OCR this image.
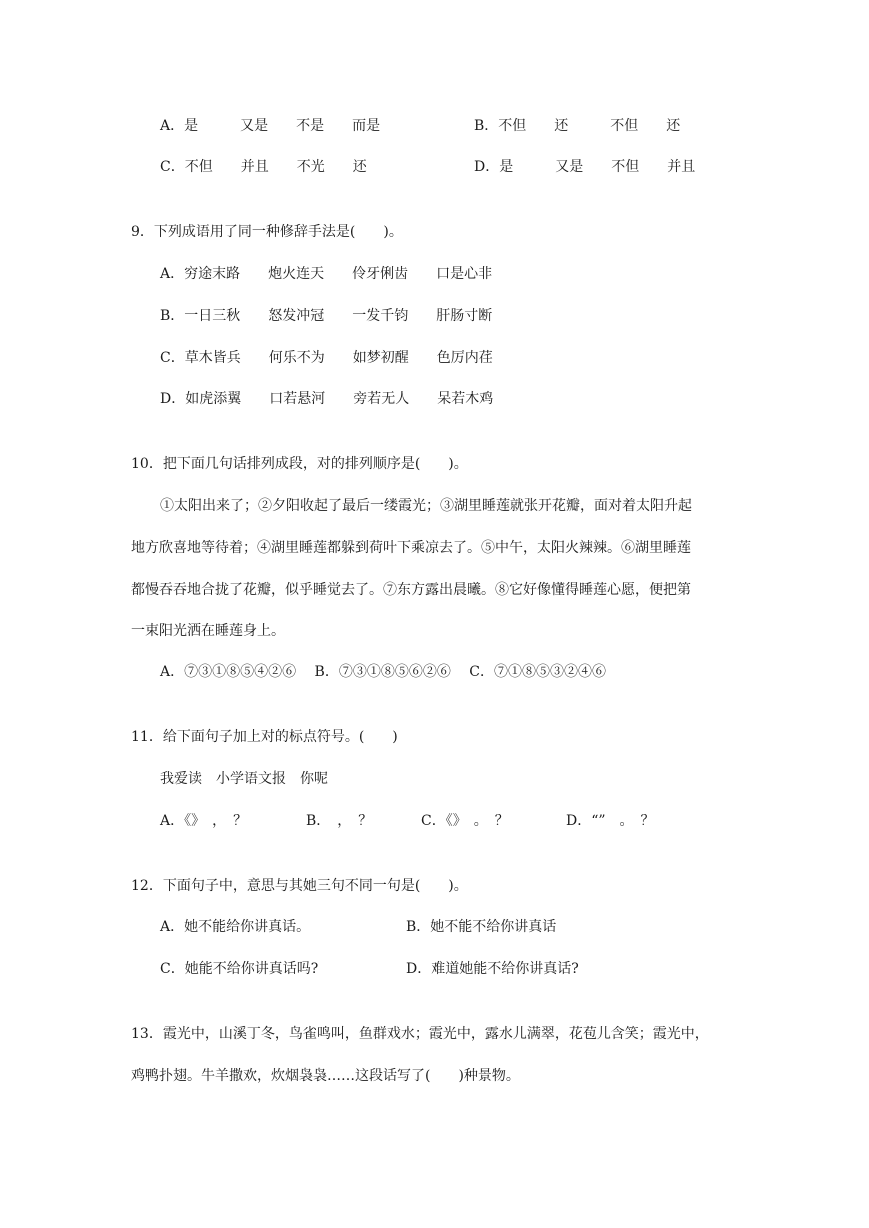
A．是　　　又是　　不是　　而是	B．不但　　还　　　不但　　还
C．不但　　并且　　不光　　还	D．是　　　又是　　不但　　并且
9．下列成语用了同一种修辞手法是(　　)。
A．穷途末路　　炮火连天　　伶牙俐齿　　口是心非
B．一日三秋　　怒发冲冠　　一发千钧　　肝肠寸断
C．草木皆兵　　何乐不为　　如梦初醒　　色厉内荏
D．如虎添翼　　口若悬河　　旁若无人　　呆若木鸡
10．把下面几句话排列成段，对的排列顺序是(　　)。
①太阳出来了；②夕阳收起了最后一缕霞光；③湖里睡莲就张开花瓣，面对着太阳升起
地方欣喜地等待着；④湖里睡莲都躲到荷叶下乘凉去了。⑤中午，太阳火辣辣。⑥湖里睡莲
都慢吞吞地合拢了花瓣，似乎睡觉去了。⑦东方露出晨曦。⑧它好像懂得睡莲心愿，便把第
一束阳光洒在睡莲身上。
A．⑦③①⑧⑤④②⑥　 B．⑦③①⑧⑤⑥②⑥　 C．⑦①⑧⑤③②④⑥
11．给下面句子加上对的标点符号。(　　)
我爱读　小学语文报　你呢
A．《》　，　？	B．　，　？	C．《》　。　？	D．“”　。　？
12．下面句子中，意思与其她三句不同一句是(　　)。
A．她不能给你讲真话。	B．她不能不给你讲真话
C．她能不给你讲真话吗?	D．难道她能不给你讲真话?
13．霞光中，山溪丁冬，鸟雀鸣叫，鱼群戏水；霞光中，露水儿满翠，花苞儿含笑；霞光中，
鸡鸭扑翅。牛羊撒欢，炊烟袅袅……这段话写了(　　)种景物。
